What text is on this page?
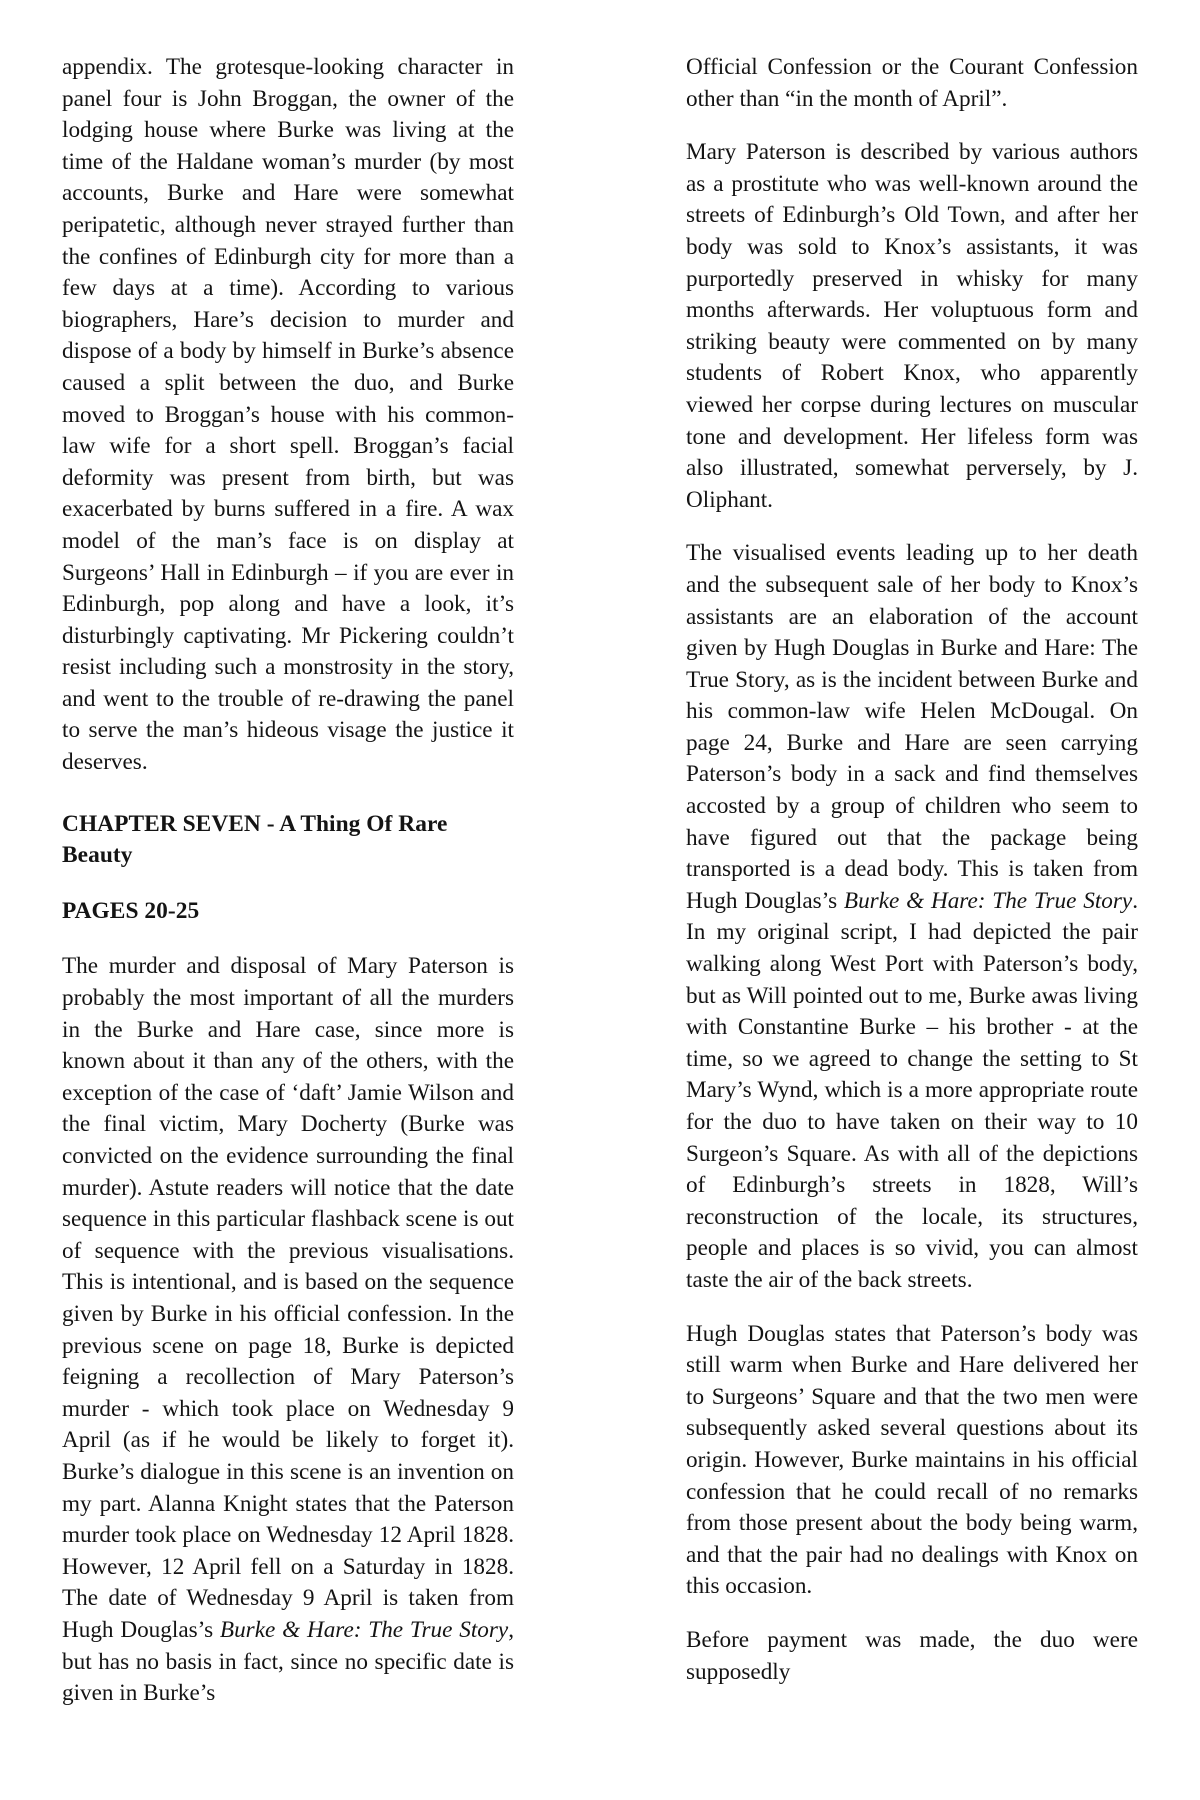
appendix. The grotesque-looking character in panel four is John Broggan, the owner of the lodging house where Burke was living at the time of the Haldane woman’s murder (by most accounts, Burke and Hare were somewhat peripatetic, although never strayed further than the confines of Edinburgh city for more than a few days at a time). According to various biographers, Hare’s decision to murder and dispose of a body by himself in Burke’s absence caused a split between the duo, and Burke moved to Broggan’s house with his common-law wife for a short spell. Broggan’s facial deformity was present from birth, but was exacerbated by burns suffered in a fire. A wax model of the man’s face is on display at Surgeons’ Hall in Edinburgh – if you are ever in Edinburgh, pop along and have a look, it’s disturbingly captivating. Mr Pickering couldn’t resist including such a monstrosity in the story, and went to the trouble of re-drawing the panel to serve the man’s hideous visage the justice it deserves.

CHAPTER SEVEN - A Thing Of Rare Beauty
PAGES 20-25

The murder and disposal of Mary Paterson is probably the most important of all the murders in the Burke and Hare case, since more is known about it than any of the others, with the exception of the case of ‘daft’ Jamie Wilson and the final victim, Mary Docherty (Burke was convicted on the evidence surrounding the final murder). Astute readers will notice that the date sequence in this particular flashback scene is out of sequence with the previous visualisations. This is intentional, and is based on the sequence given by Burke in his official confession. In the previous scene on page 18, Burke is depicted feigning a recollection of Mary Paterson’s murder - which took place on Wednesday 9 April (as if he would be likely to forget it). Burke’s dialogue in this scene is an invention on my part. Alanna Knight states that the Paterson murder took place on Wednesday 12 April 1828. However, 12 April fell on a Saturday in 1828. The date of Wednesday 9 April is taken from Hugh Douglas’s Burke & Hare: The True Story, but has no basis in fact, since no specific date is given in Burke’s

Official Confession or the Courant Confession other than “in the month of April”.

Mary Paterson is described by various authors as a prostitute who was well-known around the streets of Edinburgh’s Old Town, and after her body was sold to Knox’s assistants, it was purportedly preserved in whisky for many months afterwards. Her voluptuous form and striking beauty were commented on by many students of Robert Knox, who apparently viewed her corpse during lectures on muscular tone and development. Her lifeless form was also illustrated, somewhat perversely, by J. Oliphant.

The visualised events leading up to her death and the subsequent sale of her body to Knox’s assistants are an elaboration of the account given by Hugh Douglas in Burke and Hare: The True Story, as is the incident between Burke and his common-law wife Helen McDougal. On page 24, Burke and Hare are seen carrying Paterson’s body in a sack and find themselves accosted by a group of children who seem to have figured out that the package being transported is a dead body. This is taken from Hugh Douglas’s Burke & Hare: The True Story. In my original script, I had depicted the pair walking along West Port with Paterson’s body, but as Will pointed out to me, Burke awas living with Constantine Burke – his brother - at the time, so we agreed to change the setting to St Mary’s Wynd, which is a more appropriate route for the duo to have taken on their way to 10 Surgeon’s Square. As with all of the depictions of Edinburgh’s streets in 1828, Will’s reconstruction of the locale, its structures, people and places is so vivid, you can almost taste the air of the back streets.

Hugh Douglas states that Paterson’s body was still warm when Burke and Hare delivered her to Surgeons’ Square and that the two men were subsequently asked several questions about its origin. However, Burke maintains in his official confession that he could recall of no remarks from those present about the body being warm, and that the pair had no dealings with Knox on this occasion.

Before payment was made, the duo were supposedly
